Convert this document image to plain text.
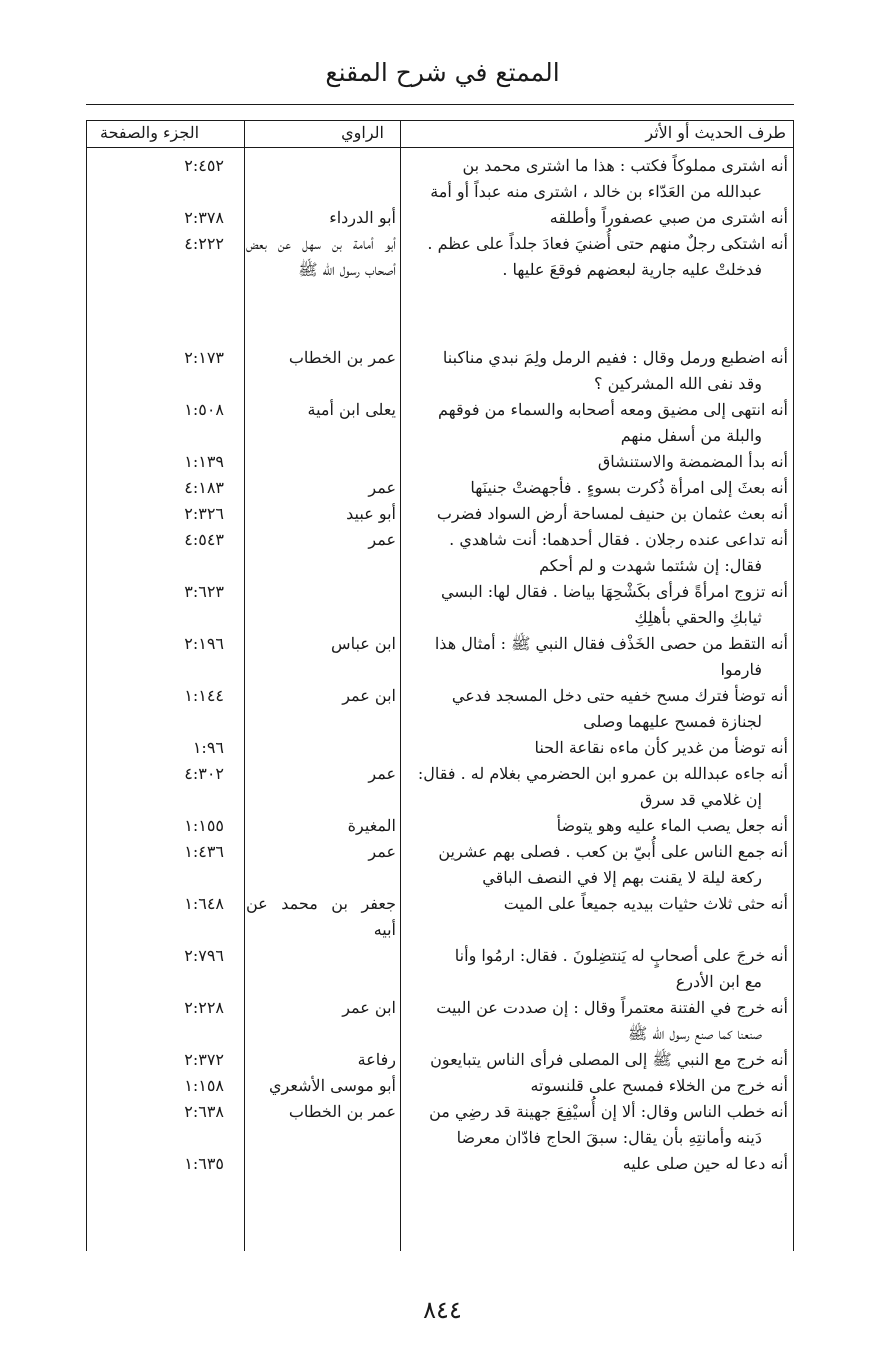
الممتع في شرح المقنع
طرف الحديث أو الأثر
الراوي
الجزء والصفحة
أنه اشترى مملوكاً فكتب : هذا ما اشترى محمد بن
عبدالله من العَدّاء بن خالد ، اشترى منه عبداً أو أمة
٢:٤٥٢
أنه اشترى من صبي عصفوراً وأطلقه
أبو الدرداء
٢:٣٧٨
أنه اشتكى رجلٌ منهم حتى أُضنيَ فعادَ جلداً على عظم .
فدخلتْ عليه جارية لبعضهم فوقعَ عليها .
أبو أمامة بن سهل عن بعض أصحاب رسول الله ﷺ
٤:٢٢٢
أنه اضطبع ورمل وقال : ففيم الرمل ولِمَ نبدي مناكبنا
وقد نفى الله المشركين ؟
عمر بن الخطاب
٢:١٧٣
أنه انتهى إلى مضيق ومعه أصحابه والسماء من فوقهم
والبلة من أسفل منهم
يعلى ابن أمية
١:٥٠٨
أنه بدأ المضمضة والاستنشاق
١:١٣٩
أنه بعثَ إلى امرأة ذُكرت بسوءٍ . فأجهضتْ جنينَها
عمر
٤:١٨٣
أنه بعث عثمان بن حنيف لمساحة أرض السواد فضرب
أبو عبيد
٢:٣٢٦
أنه تداعى عنده رجلان . فقال أحدهما: أنت شاهدي .
فقال: إن شئتما شهدت و لم أحكم
عمر
٤:٥٤٣
أنه تزوج امرأةً فرأى بكَشْحِهَا بياضا . فقال لها: البسي
ثيابكِ والحقي بأهلِكِ
٣:٦٢٣
أنه التقط من حصى الخَذْف فقال النبي ﷺ : أمثال هذا
فارموا
ابن عباس
٢:١٩٦
أنه توضأ فترك مسح خفيه حتى دخل المسجد فدعي
لجنازة فمسح عليهما وصلى
ابن عمر
١:١٤٤
أنه توضأ من غدير كأن ماءه نقاعة الحنا
١:٩٦
أنه جاءه عبدالله بن عمرو ابن الحضرمي بغلام له . فقال:
إن غلامي قد سرق
عمر
٤:٣٠٢
أنه جعل يصب الماء عليه وهو يتوضأ
المغيرة
١:١٥٥
أنه جمع الناس على أُبيّ بن كعب . فصلى بهم عشرين
ركعة ليلة لا يقنت بهم إلا في النصف الباقي
عمر
١:٤٣٦
أنه حثى ثلاث حثيات بيديه جميعاً على الميت
جعفر بن محمد عن أبيه
١:٦٤٨
أنه خرجَ على أصحابٍ له يَنتضِلونَ . فقال: ارمُوا وأنا
مع ابن الأدرع
٢:٧٩٦
أنه خرج في الفتنة معتمراً وقال : إن صددت عن البيت
صنعنا كما صنع رسول الله ﷺ
ابن عمر
٢:٢٢٨
أنه خرج مع النبي ﷺ إلى المصلى فرأى الناس يتبايعون
رفاعة
٢:٣٧٢
أنه خرج من الخلاء فمسح على قلنسوته
أبو موسى الأشعري
١:١٥٨
أنه خطب الناس وقال: ألا إن أُسيْفِعَ جهينة قد رضِي من
دَينه وأمانتِهِ بأن يقال: سبقَ الحاج فادّان معرضا
عمر بن الخطاب
٢:٦٣٨
أنه دعا له حين صلى عليه
١:٦٣٥
٨٤٤
